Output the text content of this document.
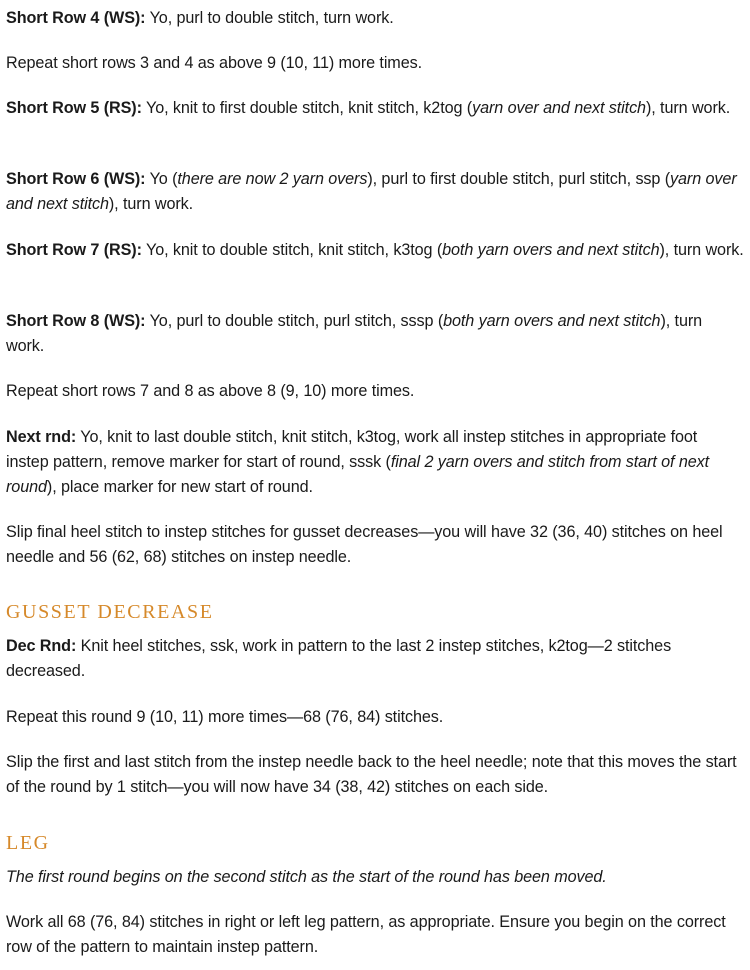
Short Row 4 (WS): Yo, purl to double stitch, turn work.

Repeat short rows 3 and 4 as above 9 (10, 11) more times.

Short Row 5 (RS): Yo, knit to first double stitch, knit stitch, k2tog (yarn over and next stitch), turn work.

Short Row 6 (WS): Yo (there are now 2 yarn overs), purl to first double stitch, purl stitch, ssp (yarn over and next stitch), turn work.

Short Row 7 (RS): Yo, knit to double stitch, knit stitch, k3tog (both yarn overs and next stitch), turn work.

Short Row 8 (WS): Yo, purl to double stitch, purl stitch, sssp (both yarn overs and next stitch), turn work.

Repeat short rows 7 and 8 as above 8 (9, 10) more times.

Next rnd: Yo, knit to last double stitch, knit stitch, k3tog, work all instep stitches in appropriate foot instep pattern, remove marker for start of round, sssk (final 2 yarn overs and stitch from start of next round), place marker for new start of round.

Slip final heel stitch to instep stitches for gusset decreases—you will have 32 (36, 40) stitches on heel needle and 56 (62, 68) stitches on instep needle.

GUSSET DECREASE

Dec Rnd: Knit heel stitches, ssk, work in pattern to the last 2 instep stitches, k2tog—2 stitches decreased.

Repeat this round 9 (10, 11) more times—68 (76, 84) stitches.

Slip the first and last stitch from the instep needle back to the heel needle; note that this moves the start of the round by 1 stitch—you will now have 34 (38, 42) stitches on each side.

LEG

The first round begins on the second stitch as the start of the round has been moved.

Work all 68 (76, 84) stitches in right or left leg pattern, as appropriate. Ensure you begin on the correct row of the pattern to maintain instep pattern.
